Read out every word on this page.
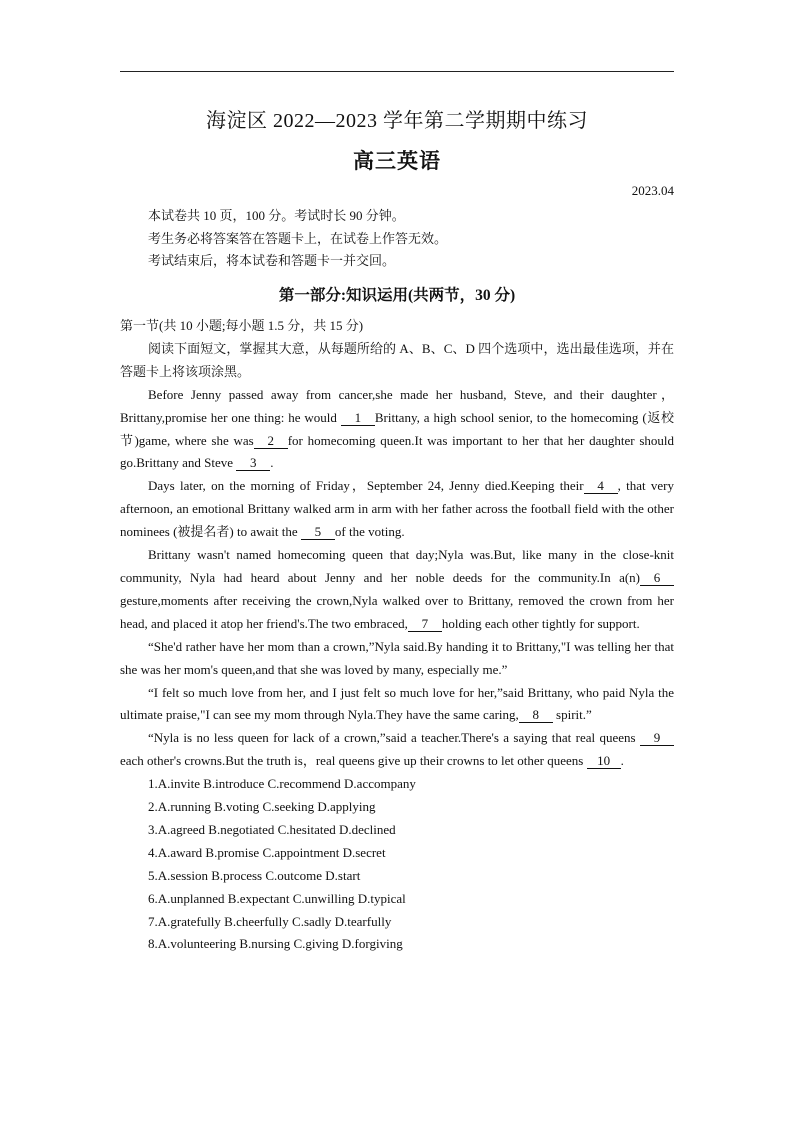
海淀区 2022—2023 学年第二学期期中练习
高三英语
2023.04
本试卷共 10 页，100 分。考试时长 90 分钟。
考生务必将答案答在答题卡上，在试卷上作答无效。
考试结束后，将本试卷和答题卡一并交回。
第一部分:知识运用(共两节，30 分)

第一节(共 10 小题;每小题 1.5 分，共 15 分)

阅读下面短文，掌握其大意，从每题所给的 A、B、C、D 四个选项中，选出最佳选项，并在答题卡上将该项涂黑。

Before Jenny passed away from cancer,she made her husband, Steve, and their daughter，Brittany,promise her one thing: he would 1 Brittany, a high school senior, to the homecoming (返校节)game, where she was 2 for homecoming queen.It was important to her that her daughter should go.Brittany and Steve 3 .

Days later, on the morning of Friday，September 24, Jenny died.Keeping their 4 , that very afternoon, an emotional Brittany walked arm in arm with her father across the football field with the other nominees (被提名者) to await the 5 of the voting.

Brittany wasn't named homecoming queen that day;Nyla was.But, like many in the close-knit community, Nyla had heard about Jenny and her noble deeds for the community.In a(n) 6 gesture,moments after receiving the crown,Nyla walked over to Brittany, removed the crown from her head, and placed it atop her friend's.The two embraced, 7 holding each other tightly for support.

“She'd rather have her mom than a crown,”Nyla said.By handing it to Brittany,"I was telling her that she was her mom's queen,and that she was loved by many, especially me.”

“I felt so much love from her, and I just felt so much love for her,”said Brittany, who paid Nyla the ultimate praise,"I can see my mom through Nyla.They have the same caring, 8 spirit.”

“Nyla is no less queen for lack of a crown,”said a teacher.There's a saying that real queens 9each other's crowns.But the truth is，real queens give up their crowns to let other queens 10 .

1.A.invite B.introduce C.recommend D.accompany

2.A.running B.voting C.seeking D.applying

3.A.agreed B.negotiated C.hesitated D.declined

4.A.award B.promise C.appointment D.secret

5.A.session B.process C.outcome D.start

6.A.unplanned B.expectant C.unwilling D.typical

7.A.gratefully B.cheerfully C.sadly D.tearfully

8.A.volunteering B.nursing C.giving D.forgiving
